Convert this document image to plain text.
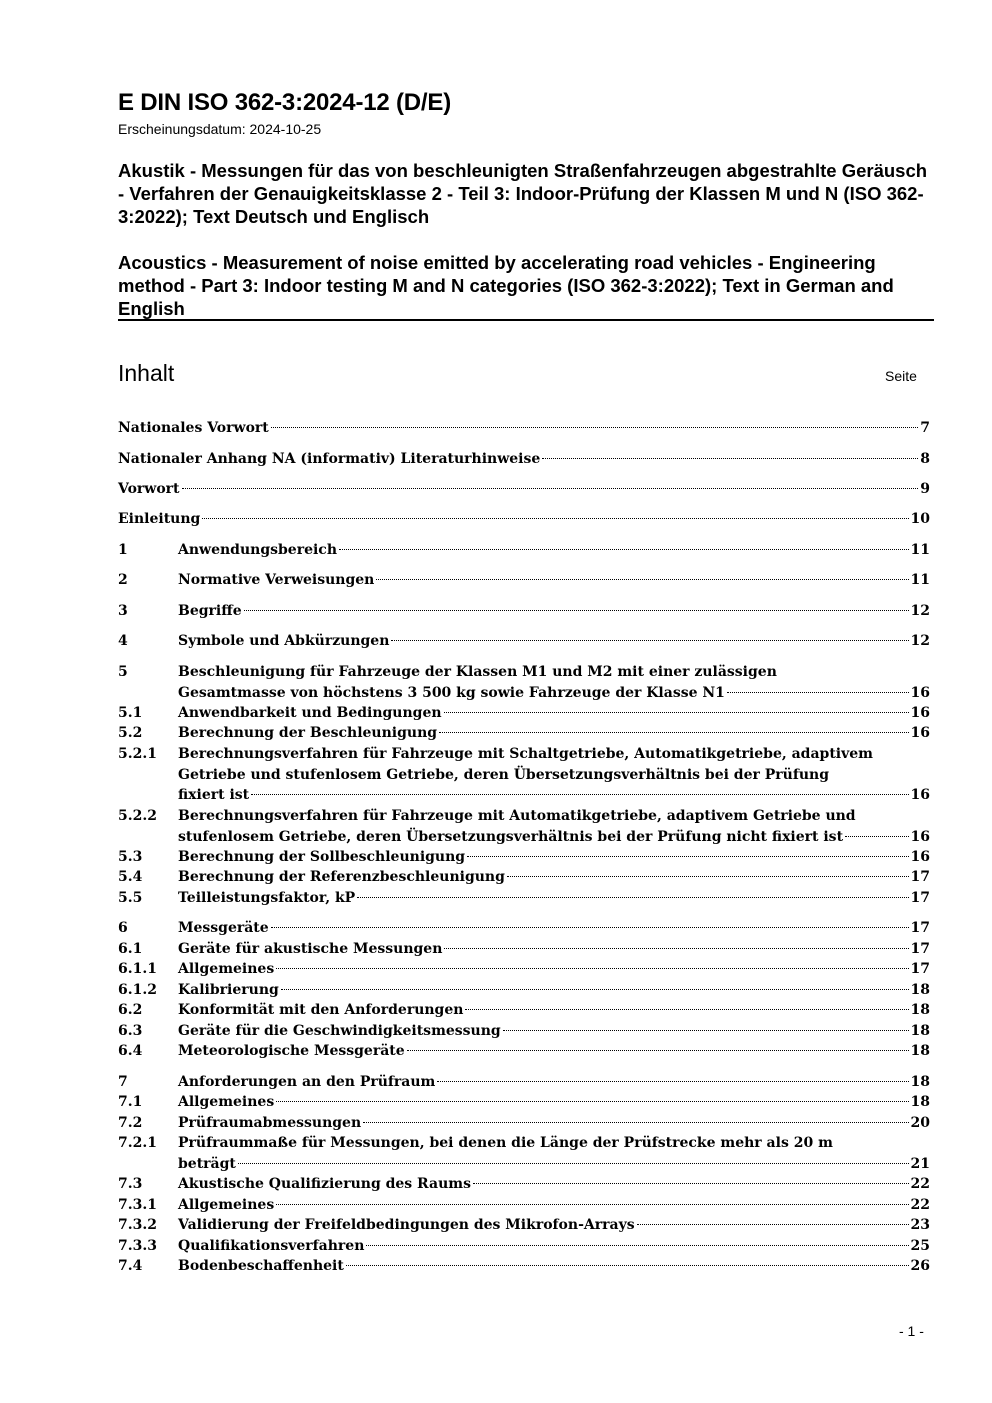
E DIN ISO 362-3:2024-12 (D/E)
Erscheinungsdatum: 2024-10-25
Akustik - Messungen für das von beschleunigten Straßenfahrzeugen abgestrahlte Geräusch - Verfahren der Genauigkeitsklasse 2 - Teil 3: Indoor-Prüfung der Klassen M und N (ISO 362-3:2022); Text Deutsch und Englisch
Acoustics - Measurement of noise emitted by accelerating road vehicles - Engineering method - Part 3: Indoor testing M and N categories (ISO 362-3:2022); Text in German and English
Inhalt	Seite
Nationales Vorwort	7
Nationaler Anhang NA (informativ) Literaturhinweise	8
Vorwort	9
Einleitung	10
1	Anwendungsbereich	11
2	Normative Verweisungen	11
3	Begriffe	12
4	Symbole und Abkürzungen	12
5	Beschleunigung für Fahrzeuge der Klassen M1 und M2 mit einer zulässigen
Gesamtmasse von höchstens 3 500 kg sowie Fahrzeuge der Klasse N1	16
5.1	Anwendbarkeit und Bedingungen	16
5.2	Berechnung der Beschleunigung	16
5.2.1 Berechnungsverfahren für Fahrzeuge mit Schaltgetriebe, Automatikgetriebe, adaptivem
Getriebe und stufenlosem Getriebe, deren Übersetzungsverhältnis bei der Prüfung
fixiert ist	16
5.2.2 Berechnungsverfahren für Fahrzeuge mit Automatikgetriebe, adaptivem Getriebe und
stufenlosem Getriebe, deren Übersetzungsverhältnis bei der Prüfung nicht fixiert ist	16
5.3	Berechnung der Sollbeschleunigung	16
5.4	Berechnung der Referenzbeschleunigung	17
5.5	Teilleistungsfaktor, kP	17
6	Messgeräte	17
6.1	Geräte für akustische Messungen	17
6.1.1 Allgemeines	17
6.1.2 Kalibrierung	18
6.2	Konformität mit den Anforderungen	18
6.3	Geräte für die Geschwindigkeitsmessung	18
6.4	Meteorologische Messgeräte	18
7	Anforderungen an den Prüfraum	18
7.1	Allgemeines	18
7.2	Prüfraumabmessungen	20
7.2.1 Prüfraummaße für Messungen, bei denen die Länge der Prüfstrecke mehr als 20 m
beträgt	21
7.3	Akustische Qualifizierung des Raums	22
7.3.1 Allgemeines	22
7.3.2 Validierung der Freifeldbedingungen des Mikrofon-Arrays	23
7.3.3 Qualifikationsverfahren	25
7.4	Bodenbeschaffenheit	26
- 1 -
